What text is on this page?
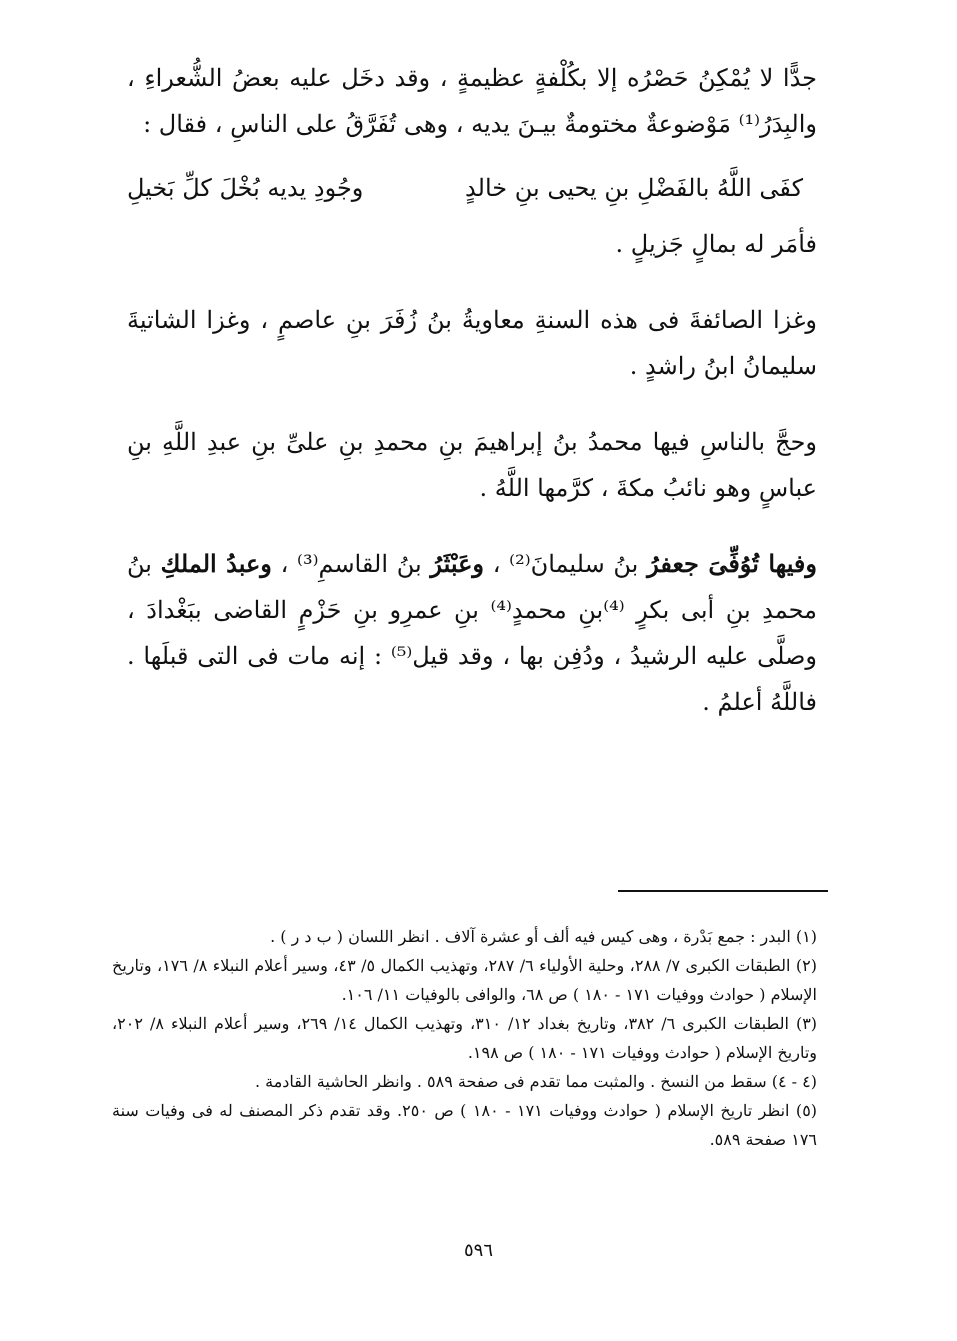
جدًّا لا يُمْكِنُ حَصْرُه إلا بكُلْفةٍ عظيمةٍ ، وقد دخَل عليه بعضُ الشُّعراءِ ، والبِدَرُ⁽¹⁾ مَوْضوعةٌ مختومةٌ بيـنَ يديه ، وهى تُفَرَّقُ على الناسِ ، فقال :

كفَى اللَّهُ بالفَضْلِ بنِ يحيى بنِ خالدٍ
وجُودِ يديه بُخْلَ كلِّ بَخيلِ

فأمَر له بمالٍ جَزيلٍ .

وغزا الصائفةَ فى هذه السنةِ معاويةُ بنُ زُفَرَ بنِ عاصمٍ ، وغزا الشاتيةَ سليمانُ ابنُ راشدٍ .

وحجَّ بالناسِ فيها محمدُ بنُ إبراهيمَ بنِ محمدِ بنِ علىِّ بنِ عبدِ اللَّهِ بنِ عباسٍ وهو نائبُ مكةَ ، كرَّمها اللَّهُ .

وفيها تُوُفِّىَ جعفرُ بنُ سليمانَ⁽²⁾ ، وعَبْثَرُ بنُ القاسمِ⁽³⁾ ، وعبدُ الملكِ بنُ محمدِ بنِ أبى بكرٍ ⁽⁴⁾بنِ محمدٍ⁽⁴⁾ بنِ عمرِو بنِ حَزْمٍ القاضى ببَغْدادَ ، وصلَّى عليه الرشيدُ ، ودُفِن بها ، وقد قيل⁽⁵⁾ : إنه مات فى التى قبلَها . فاللَّهُ أعلمُ .

(١) البدر : جمع بَدْرة ، وهى كيس فيه ألف أو عشرة آلاف . انظر اللسان ( ب د ر ) .

(٢) الطبقات الكبرى ٧/ ٢٨٨، وحلية الأولياء ٦/ ٢٨٧، وتهذيب الكمال ٥/ ٤٣، وسير أعلام النبلاء ٨/ ١٧٦، وتاريخ الإسلام ( حوادث ووفيات ١٧١ - ١٨٠ ) ص ٦٨، والوافى بالوفيات ١١/ ١٠٦.

(٣) الطبقات الكبرى ٦/ ٣٨٢، وتاريخ بغداد ١٢/ ٣١٠، وتهذيب الكمال ١٤/ ٢٦٩، وسير أعلام النبلاء ٨/ ٢٠٢، وتاريخ الإسلام ( حوادث ووفيات ١٧١ - ١٨٠ ) ص ١٩٨.

(٤ - ٤) سقط من النسخ . والمثبت مما تقدم فى صفحة ٥٨٩ . وانظر الحاشية القادمة .

(٥) انظر تاريخ الإسلام ( حوادث ووفيات ١٧١ - ١٨٠ ) ص ٢٥٠. وقد تقدم ذكر المصنف له فى وفيات سنة ١٧٦ صفحة ٥٨٩.

٥٩٦
